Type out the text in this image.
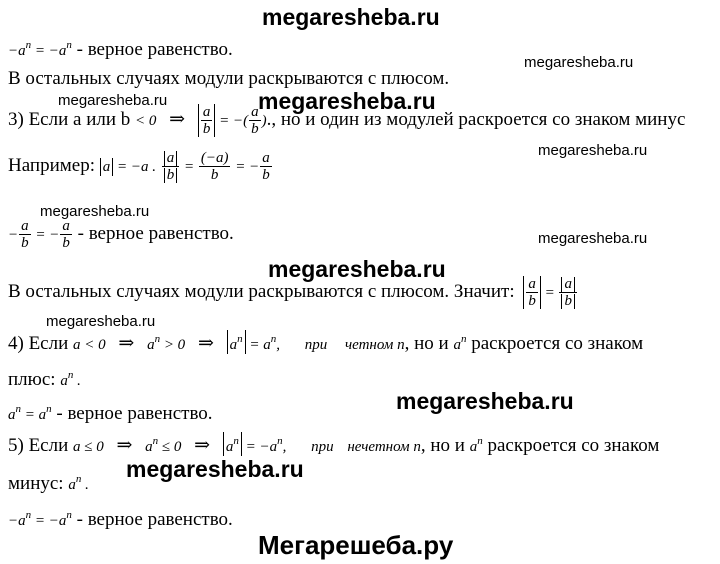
megaresheba.ru
megaresheba.ru
megaresheba.ru	megaresheba.ru
megaresheba.ru
megaresheba.ru
megaresheba.ru
megaresheba.ru
megaresheba.ru
megaresheba.ru
megaresheba.ru
$-a^n = -a^n$ - верное равенство.
В остальных случаях модули раскрываются с плюсом.
3) Если a или b < 0 ⇒ $\frac{a}{b}$ = −( $\frac{a}{b}$ )., но и один из модулей раскроется со знаком минус
Например: a = −a . $\frac{a}{b} = \frac{(-a)}{b}$ = − $\frac{a}{b}$
− $\frac{a}{b}$ = − $\frac{a}{b}$ - верное равенство.
В остальных случаях модули раскрываются с плюсом. Значит: $\frac{a}{b} = \frac{a}{b}$
4) Если a < 0 ⇒ $a^n > 0$ ⇒ $a^n = a^n$, при четном n, но и $a^n$ раскроется со знаком
плюс: $a^n$ .
$a^n = a^n$ - верное равенство.
5) Если a ≤ 0 ⇒ $a^n \le 0$ ⇒ $a^n = -a^n$, при нечетном n, но и $a^n$ раскроется со знаком
минус: $a^n$ .
$-a^n = -a^n$ - верное равенство.
Мегарешеба.ру
